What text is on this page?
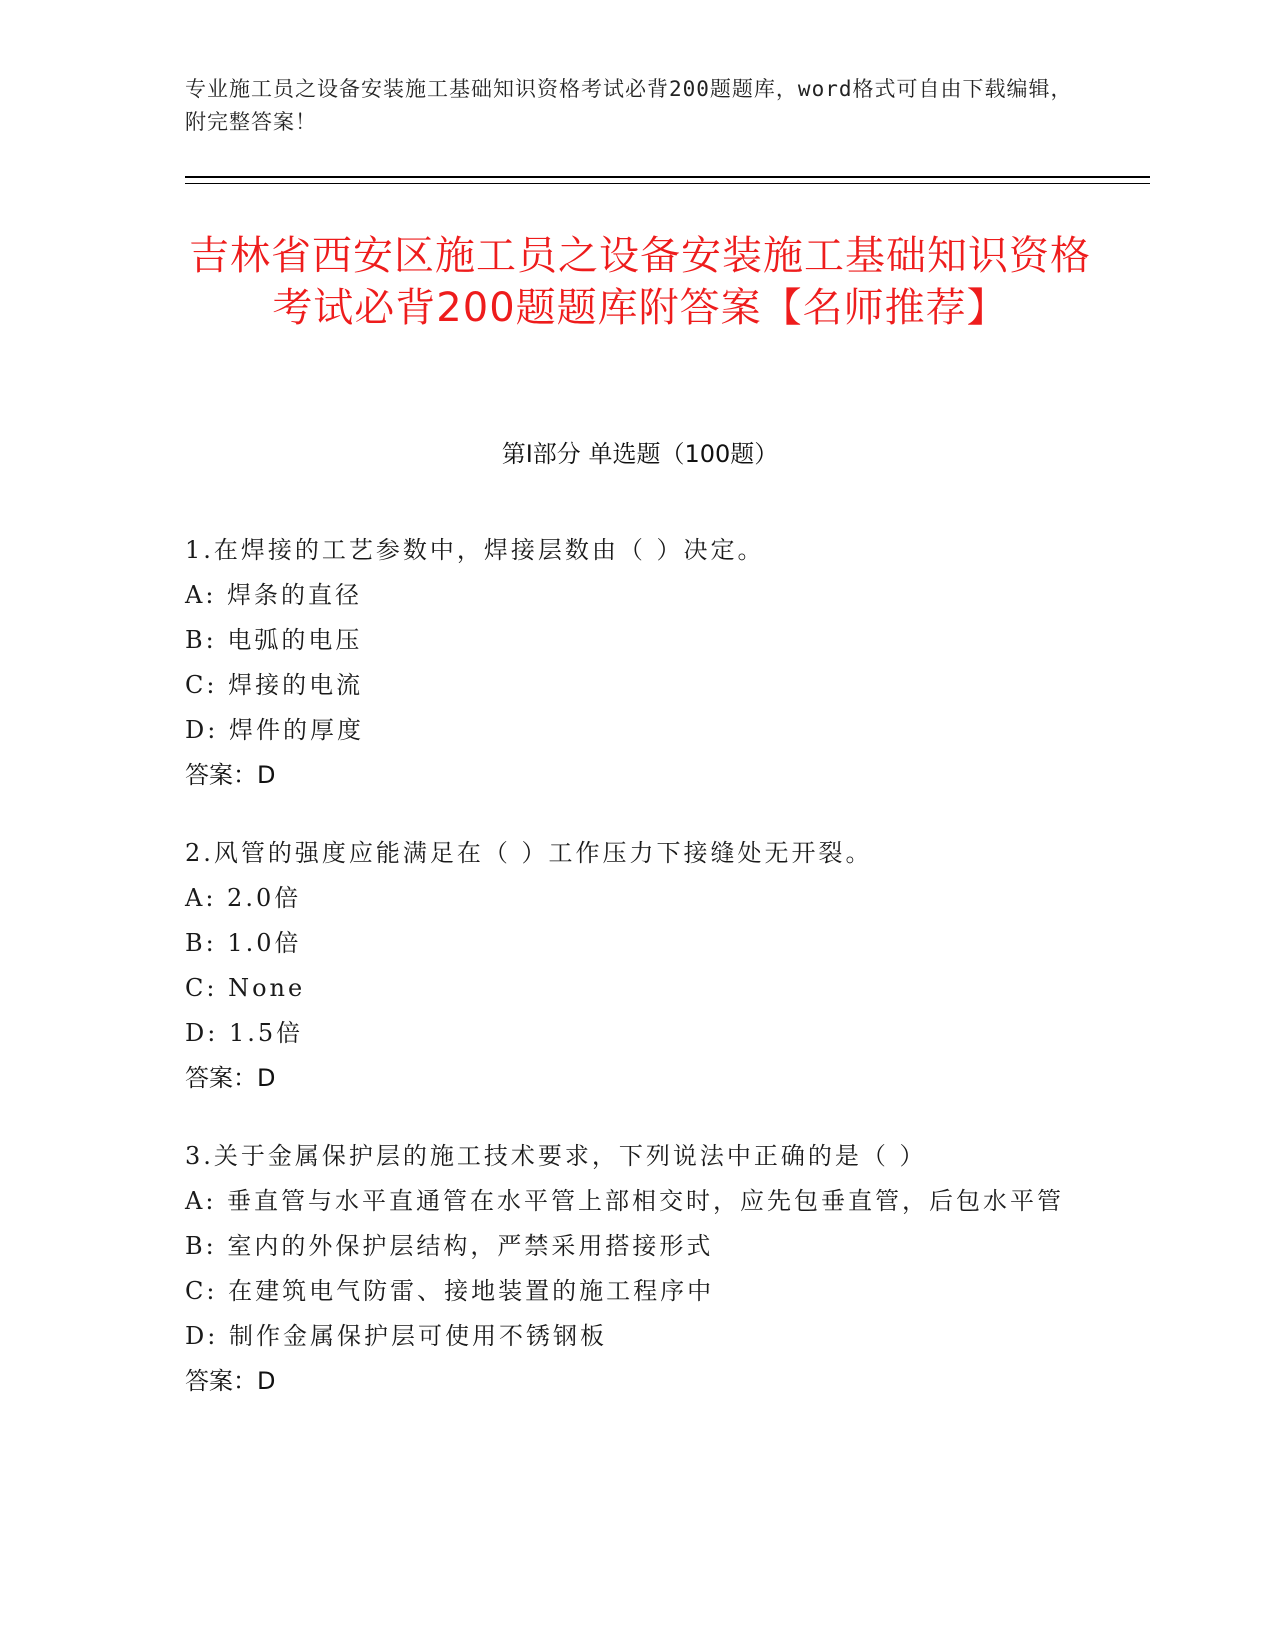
专业施工员之设备安装施工基础知识资格考试必背200题题库，word格式可自由下载编辑，附完整答案！
吉林省西安区施工员之设备安装施工基础知识资格考试必背200题题库附答案【名师推荐】
第Ⅰ部分 单选题（100题）

1.在焊接的工艺参数中，焊接层数由（ ）决定。

A: 焊条的直径

B: 电弧的电压

C: 焊接的电流

D: 焊件的厚度

答案：D

2.风管的强度应能满足在（ ）工作压力下接缝处无开裂。

A: 2.0倍

B: 1.0倍

C: None

D: 1.5倍

答案：D

3.关于金属保护层的施工技术要求，下列说法中正确的是（ ）

A: 垂直管与水平直通管在水平管上部相交时，应先包垂直管，后包水平管

B: 室内的外保护层结构，严禁采用搭接形式

C: 在建筑电气防雷、接地装置的施工程序中

D: 制作金属保护层可使用不锈钢板

答案：D
